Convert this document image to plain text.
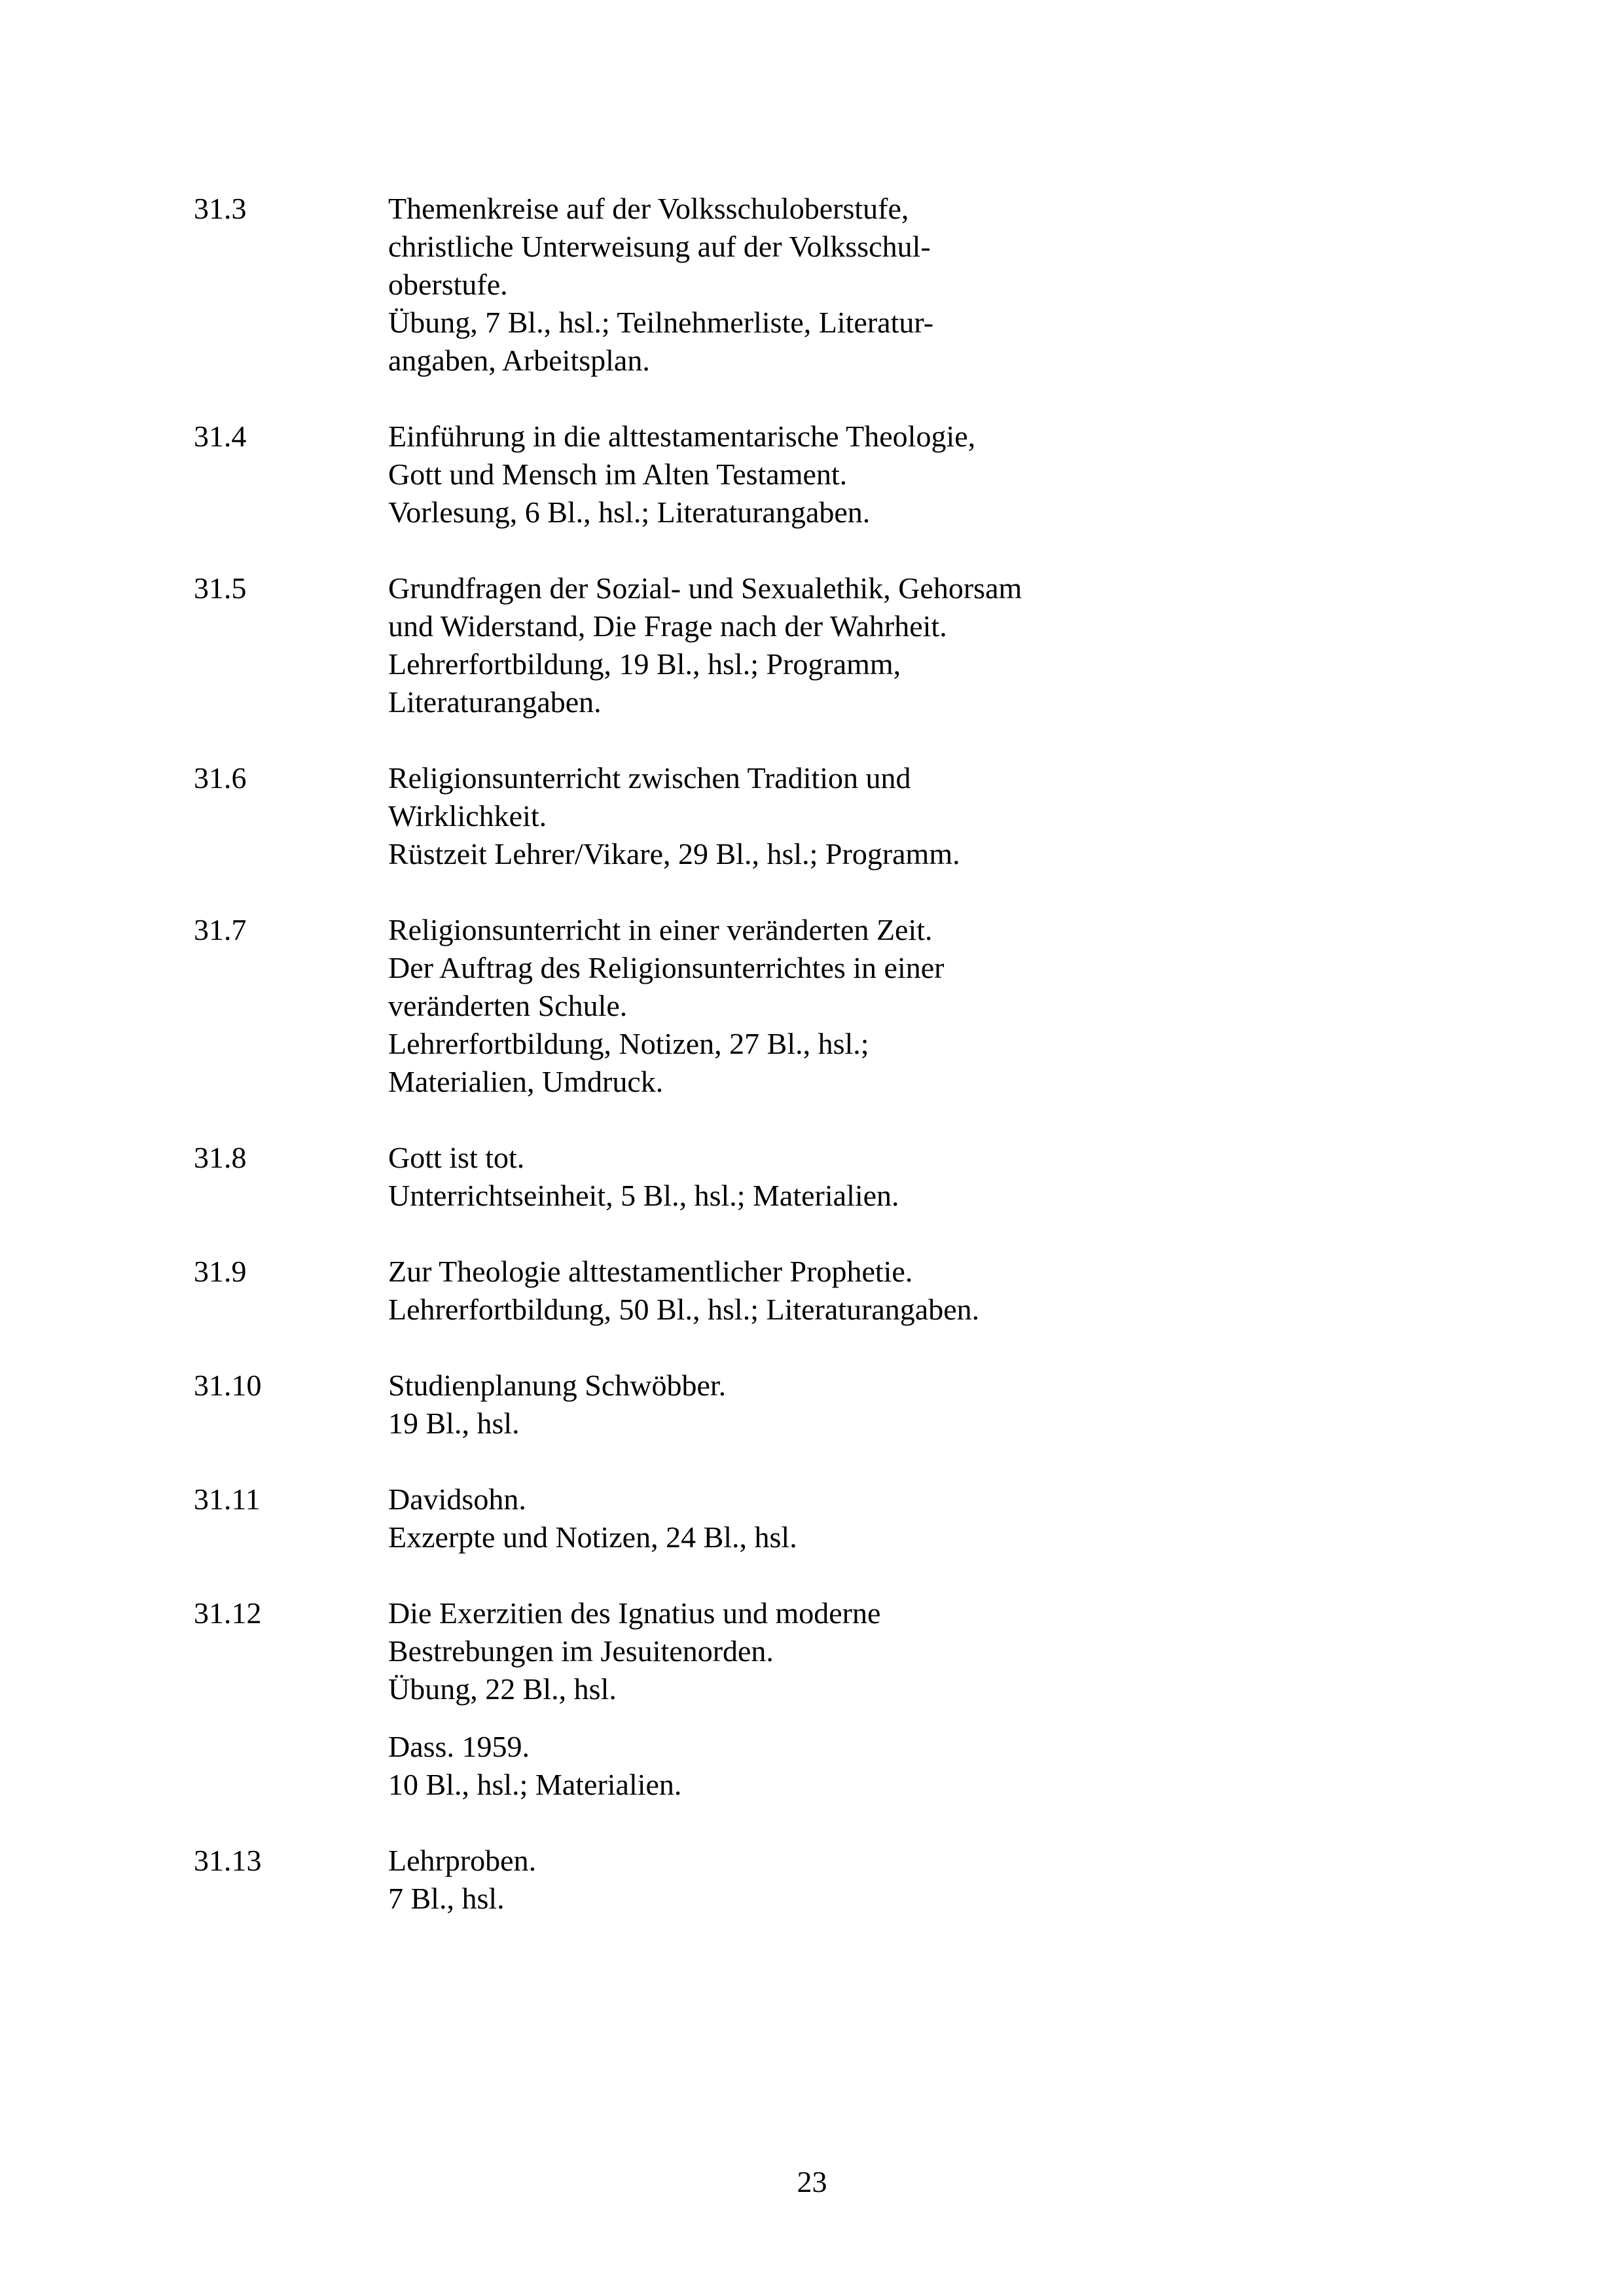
31.3	Themenkreise auf der Volksschuloberstufe,
christliche Unterweisung auf der Volksschul-
oberstufe.
Übung, 7 Bl., hsl.; Teilnehmerliste, Literatur-
angaben, Arbeitsplan.
31.4	Einführung in die alttestamentarische Theologie,
Gott und Mensch im Alten Testament.
Vorlesung, 6 Bl., hsl.; Literaturangaben.
31.5	Grundfragen der Sozial- und Sexualethik, Gehorsam
und Widerstand, Die Frage nach der Wahrheit.
Lehrerfortbildung, 19 Bl., hsl.; Programm,
Literaturangaben.
31.6	Religionsunterricht zwischen Tradition und
Wirklichkeit.
Rüstzeit Lehrer/Vikare, 29 Bl., hsl.; Programm.
31.7	Religionsunterricht in einer veränderten Zeit.
Der Auftrag des Religionsunterrichtes in einer
veränderten Schule.
Lehrerfortbildung, Notizen, 27 Bl., hsl.;
Materialien, Umdruck.
31.8	Gott ist tot.
Unterrichtseinheit, 5 Bl., hsl.; Materialien.
31.9	Zur Theologie alttestamentlicher Prophetie.
Lehrerfortbildung, 50 Bl., hsl.; Literaturangaben.
31.10	Studienplanung Schwöbber.
19 Bl., hsl.
31.11	Davidsohn.
Exzerpte und Notizen, 24 Bl., hsl.
31.12	Die Exerzitien des Ignatius und moderne
Bestrebungen im Jesuitenorden.
Übung, 22 Bl., hsl.
Dass. 1959.
10 Bl., hsl.; Materialien.
31.13	Lehrproben.
7 Bl., hsl.
23
